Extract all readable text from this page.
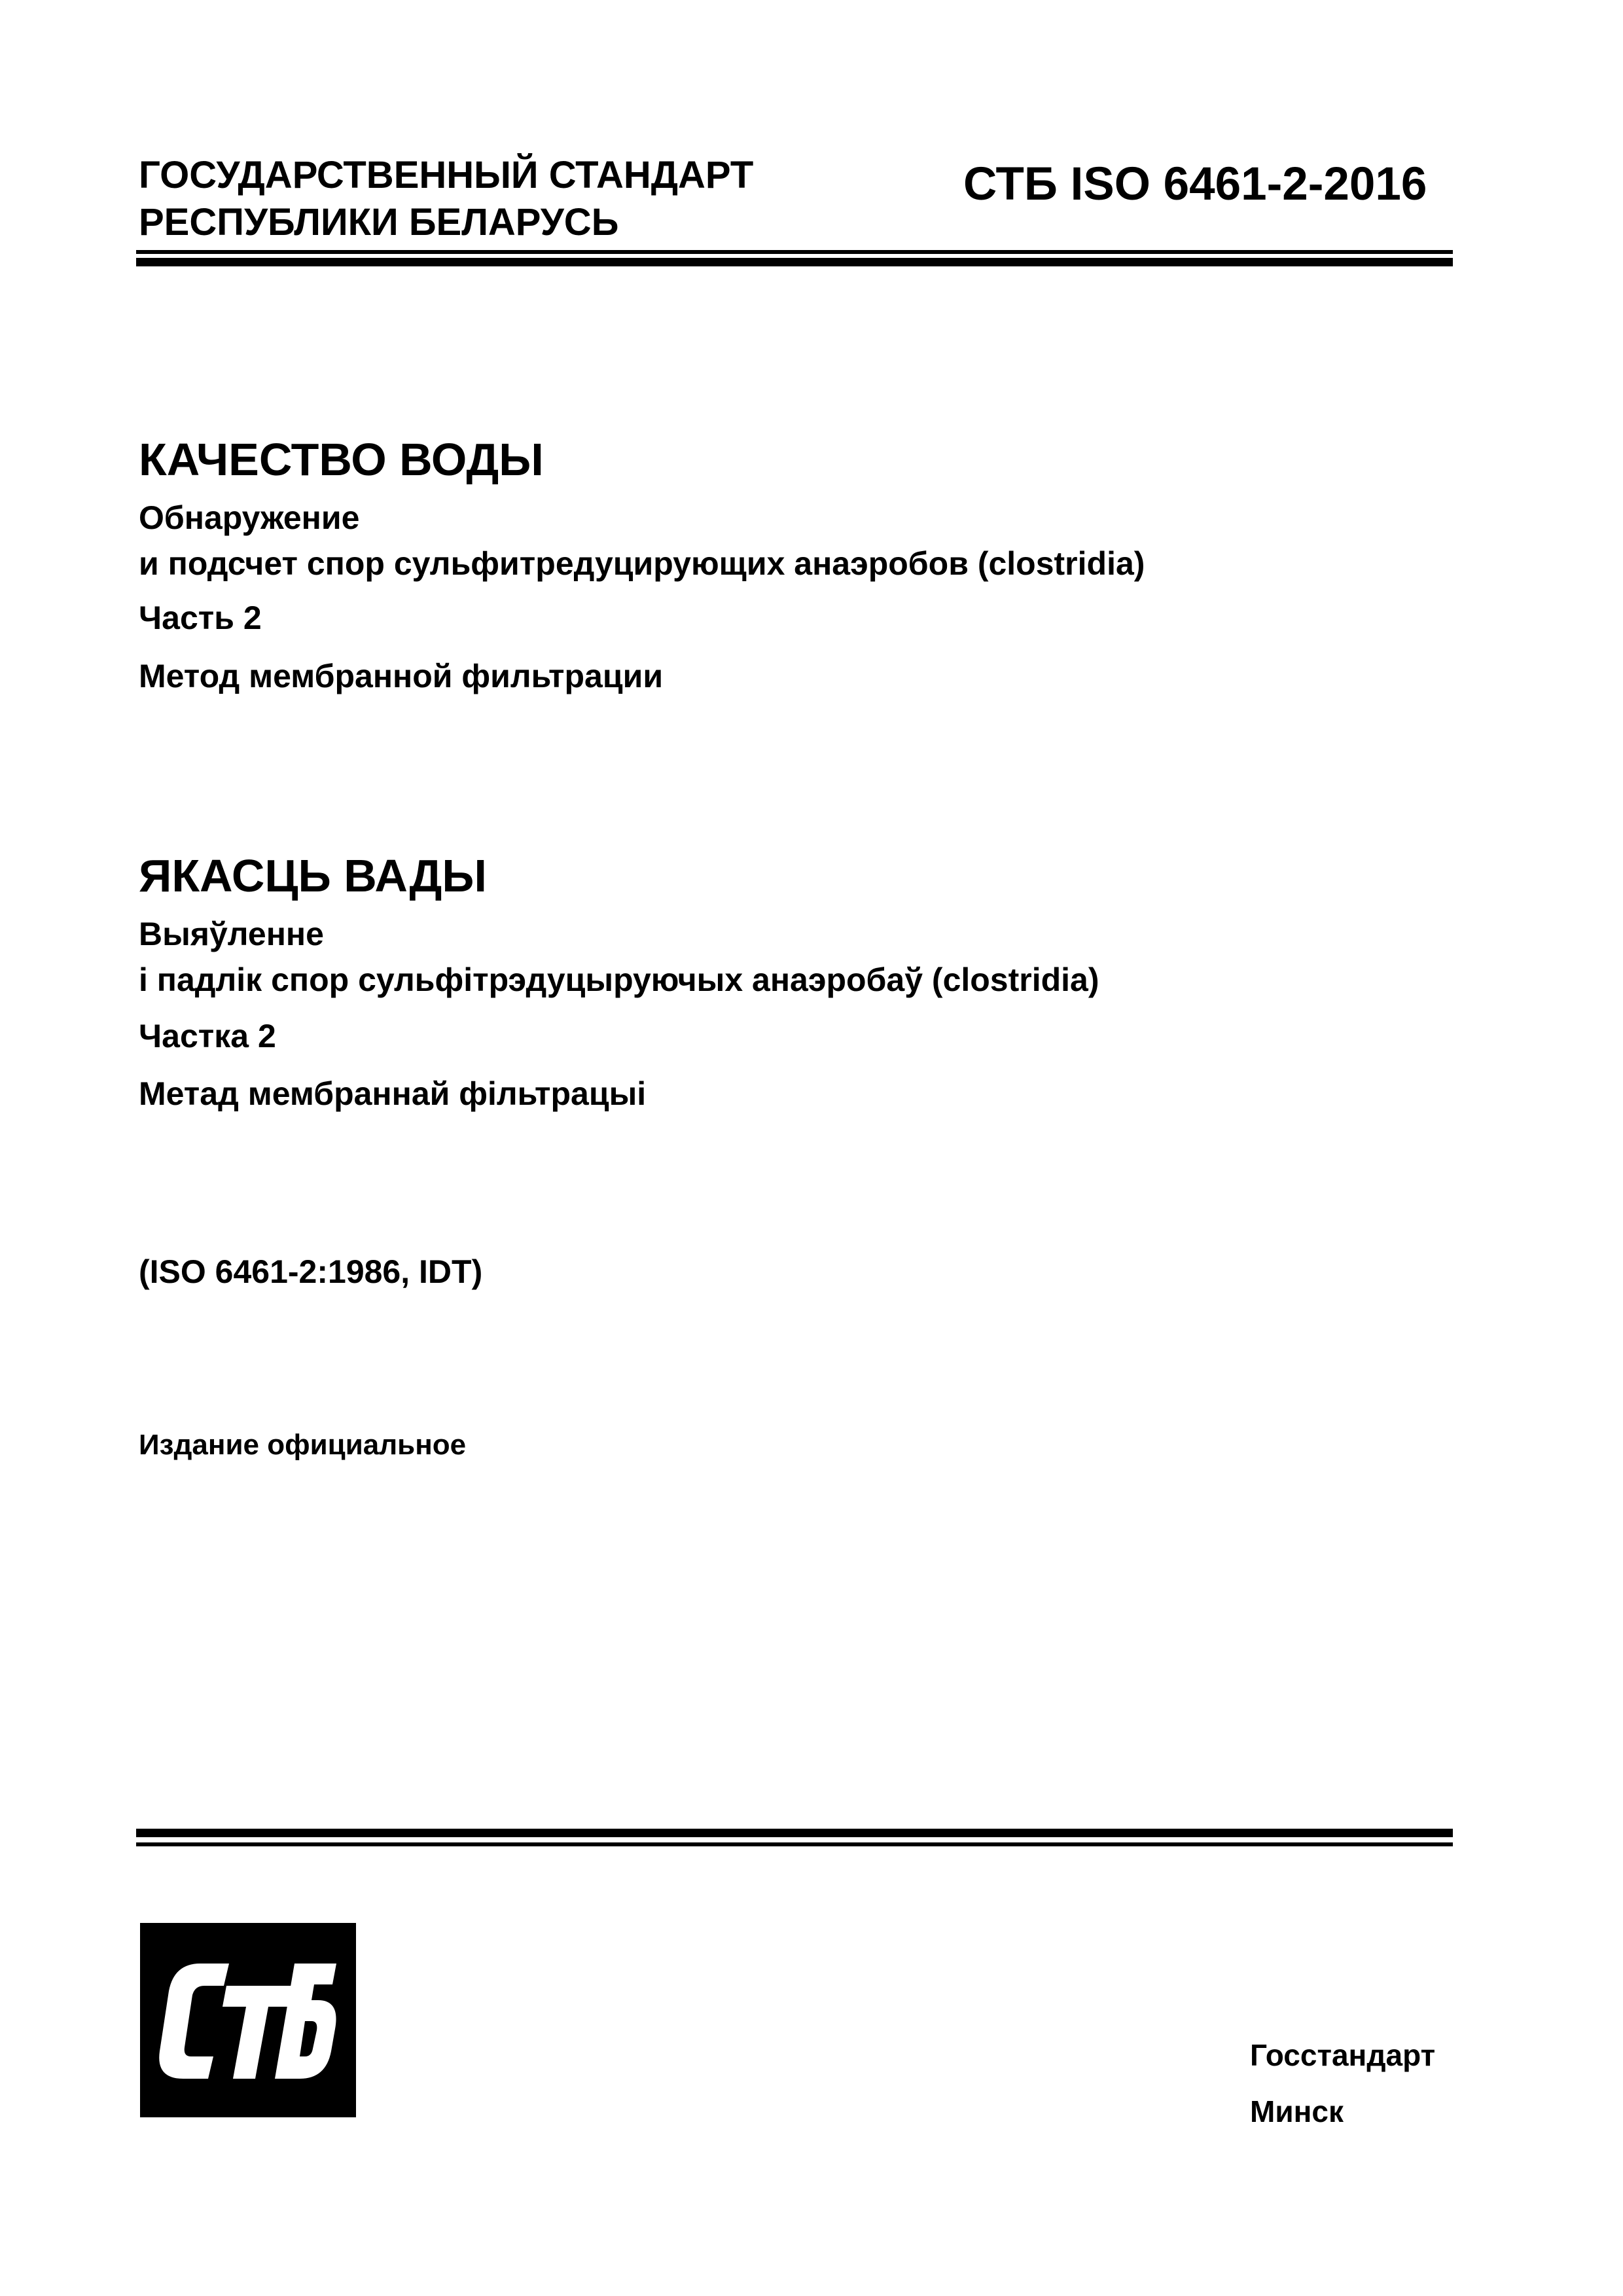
ГОСУДАРСТВЕННЫЙ СТАНДАРТ
РЕСПУБЛИКИ БЕЛАРУСЬ
СТБ ISO 6461-2-2016
КАЧЕСТВО ВОДЫ
Обнаружение
и подсчет спор сульфитредуцирующих анаэробов (clostridia)
Часть 2
Метод мембранной фильтрации
ЯКАСЦЬ ВАДЫ
Выяўленне
і падлік спор сульфітрэдуцыруючых анаэробаў (clostridia)
Частка 2
Метад мембраннай фільтрацыі
(ISO 6461-2:1986, IDT)
Издание официальное
Госстандарт
Минск
